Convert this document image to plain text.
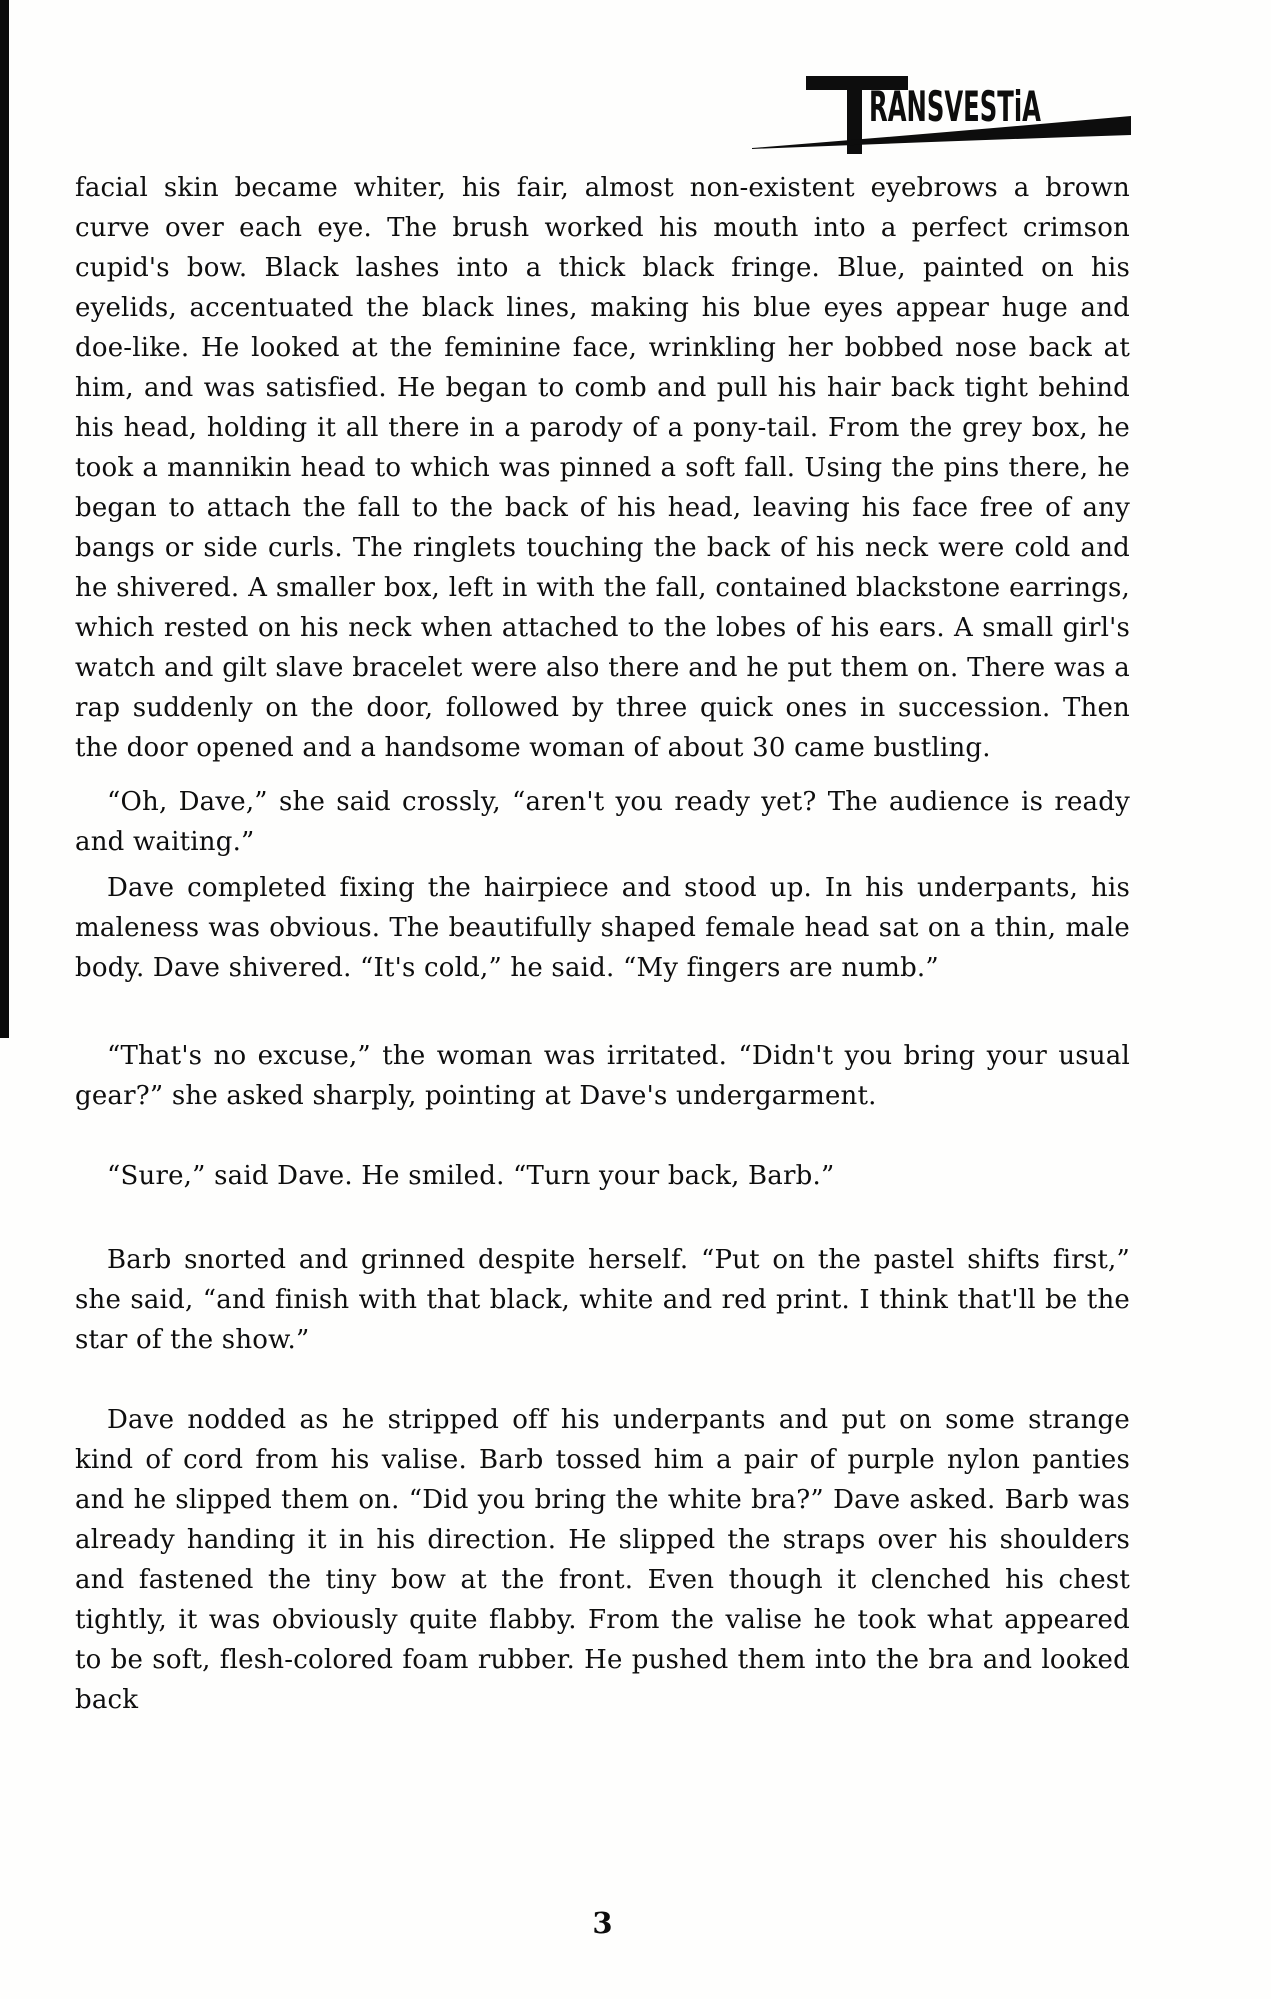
RANSVESTiA

facial skin became whiter, his fair, almost non-existent eyebrows a brown curve over each eye. The brush worked his mouth into a perfect crimson cupid's bow. Black lashes into a thick black fringe. Blue, painted on his eyelids, accentuated the black lines, making his blue eyes appear huge and doe-like. He looked at the feminine face, wrinkling her bobbed nose back at him, and was satisfied. He began to comb and pull his hair back tight behind his head, holding it all there in a parody of a pony-tail. From the grey box, he took a mannikin head to which was pinned a soft fall. Using the pins there, he began to attach the fall to the back of his head, leaving his face free of any bangs or side curls. The ringlets touching the back of his neck were cold and he shivered. A smaller box, left in with the fall, contained blackstone earrings, which rested on his neck when attached to the lobes of his ears. A small girl's watch and gilt slave bracelet were also there and he put them on. There was a rap suddenly on the door, followed by three quick ones in succession. Then the door opened and a handsome woman of about 30 came bustling.

“Oh, Dave,” she said crossly, “aren't you ready yet? The audience is ready and waiting.”

Dave completed fixing the hairpiece and stood up. In his underpants, his maleness was obvious. The beautifully shaped female head sat on a thin, male body. Dave shivered. “It's cold,” he said. “My fingers are numb.”

“That's no excuse,” the woman was irritated. “Didn't you bring your usual gear?” she asked sharply, pointing at Dave's undergarment.

“Sure,” said Dave. He smiled. “Turn your back, Barb.”

Barb snorted and grinned despite herself. “Put on the pastel shifts first,” she said, “and finish with that black, white and red print. I think that'll be the star of the show.”

Dave nodded as he stripped off his underpants and put on some strange kind of cord from his valise. Barb tossed him a pair of purple nylon panties and he slipped them on. “Did you bring the white bra?” Dave asked. Barb was already handing it in his direction. He slipped the straps over his shoulders and fastened the tiny bow at the front. Even though it clenched his chest tightly, it was obviously quite flabby. From the valise he took what appeared to be soft, flesh-colored foam rubber. He pushed them into the bra and looked back

3
